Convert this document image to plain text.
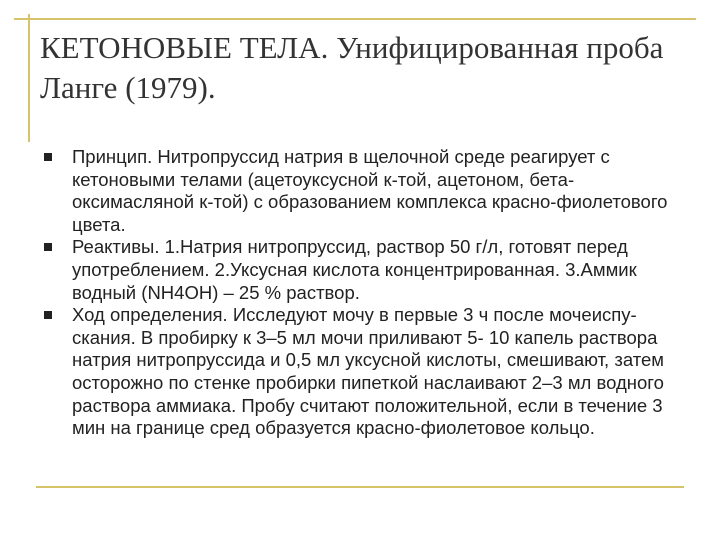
КЕТОНОВЫЕ ТЕЛА. Унифицированная проба Ланге (1979).
Принцип. Нитропруссид натрия в щелочной среде реагирует с кетоновыми телами (ацетоуксусной к-той, ацетоном, бета-оксимасляной к-той) с образованием комплекса красно-фиолетового цвета.
Реактивы. 1.Натрия нитропруссид, раствор 50 г/л, готовят перед употреблением. 2.Уксусная кислота концентрированная. 3.Аммик водный (NH4OH) – 25 % раствор.
Ход определения. Исследуют мочу в первые 3 ч после мочеиспу-скания. В пробирку к 3–5 мл мочи приливают 5- 10 капель раствора натрия нитропруссида и 0,5 мл уксусной кислоты, смешивают, затем осторожно по стенке пробирки пипеткой наслаивают 2–3 мл водного раствора аммиака. Пробу считают положительной, если в течение 3 мин на границе сред образуется красно-фиолетовое кольцо.
